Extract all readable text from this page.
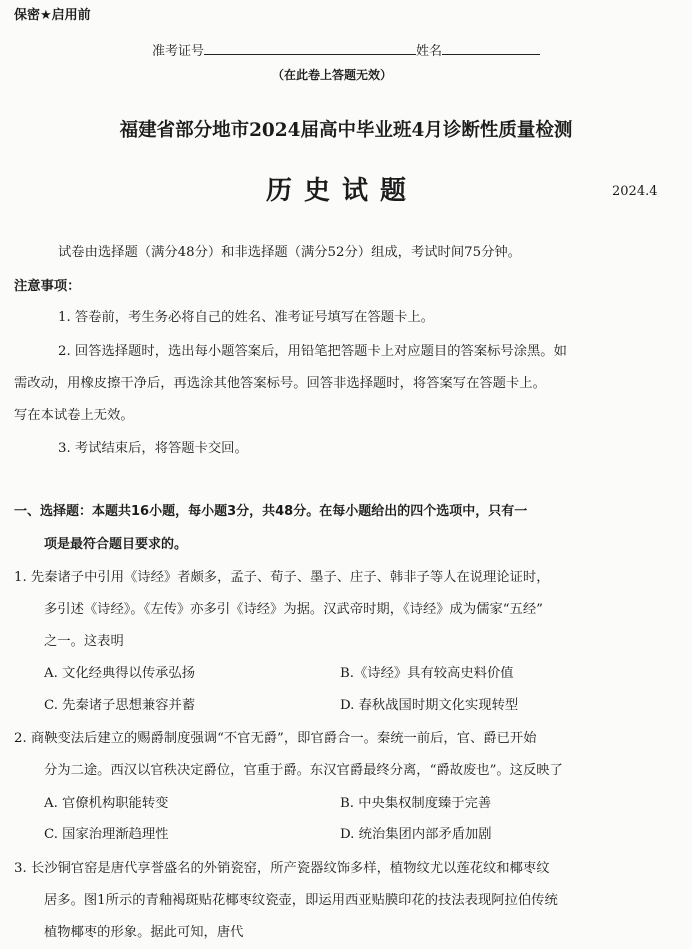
保密★启用前
准考证号	姓名
（在此卷上答题无效）
福建省部分地市2024届高中毕业班4月诊断性质量检测
历史试题	2024.4
试卷由选择题（满分48分）和非选择题（满分52分）组成，考试时间75分钟。
注意事项：
1. 答卷前，考生务必将自己的姓名、准考证号填写在答题卡上。
2. 回答选择题时，选出每小题答案后，用铅笔把答题卡上对应题目的答案标号涂黑。如
需改动，用橡皮擦干净后，再选涂其他答案标号。回答非选择题时，将答案写在答题卡上。
写在本试卷上无效。
3. 考试结束后，将答题卡交回。
一、选择题：本题共16小题，每小题3分，共48分。在每小题给出的四个选项中，只有一
项是最符合题目要求的。
1. 先秦诸子中引用《诗经》者颇多，孟子、荀子、墨子、庄子、韩非子等人在说理论证时，
多引述《诗经》。《左传》亦多引《诗经》为据。汉武帝时期，《诗经》成为儒家“五经”
之一。这表明
A. 文化经典得以传承弘扬	B.《诗经》具有较高史料价值
C. 先秦诸子思想兼容并蓄	D. 春秋战国时期文化实现转型
2. 商鞅变法后建立的赐爵制度强调“不官无爵”，即官爵合一。秦统一前后，官、爵已开始
分为二途。西汉以官秩决定爵位，官重于爵。东汉官爵最终分离，“爵故废也”。这反映了
A. 官僚机构职能转变	B. 中央集权制度臻于完善
C. 国家治理渐趋理性	D. 统治集团内部矛盾加剧
3. 长沙铜官窑是唐代享誉盛名的外销瓷窑，所产瓷器纹饰多样，植物纹尤以莲花纹和椰枣纹
居多。图1所示的青釉褐斑贴花椰枣纹瓷壶，即运用西亚贴膜印花的技法表现阿拉伯传统
植物椰枣的形象。据此可知，唐代
